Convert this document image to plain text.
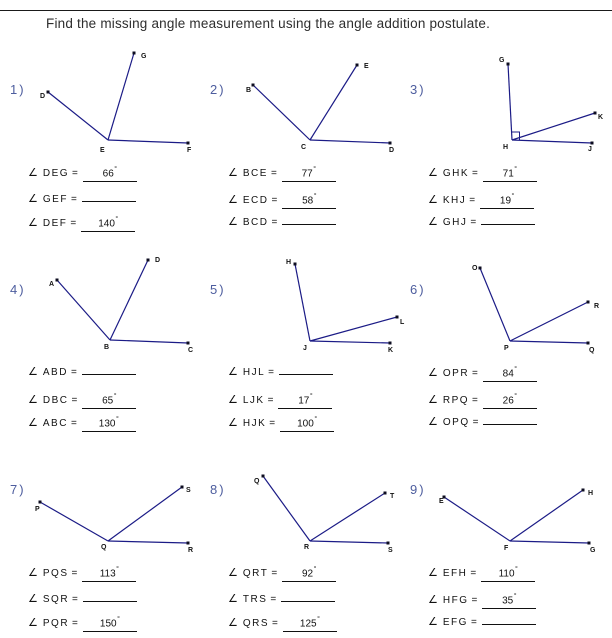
Find the missing angle measurement using the angle addition postulate.
1) D
G
F
E
∠ DEG =	66°
∠ GEF =
∠ DEF =	140°
2)	B
E
D
C
∠ BCE =	77°
∠ ECD =	58°
∠ BCD =
3)
G
K
J
H
∠ GHK =	71°
∠ KHJ =	19°
∠ GHJ =
4)	A
D
C
B
∠ ABD =
∠ DBC =	65°
∠ ABC =	130°
5)
H
L
K
J
∠ HJL =
∠ LJK =	17°
∠ HJK =	100°
6)
O
R
Q
P
∠ OPR =	84°
∠ RPQ =	26°
∠ OPQ =
7)
P
S
R
Q
∠ PQS =	113°
∠ SQR =
∠ PQR =	150°
8)
Q
T
S
R
∠ QRT =	92°
∠ TRS =
∠ QRS =	125°
9)
E
H
G
F
∠ EFH =	110°
∠ HFG =	35°
∠ EFG =
